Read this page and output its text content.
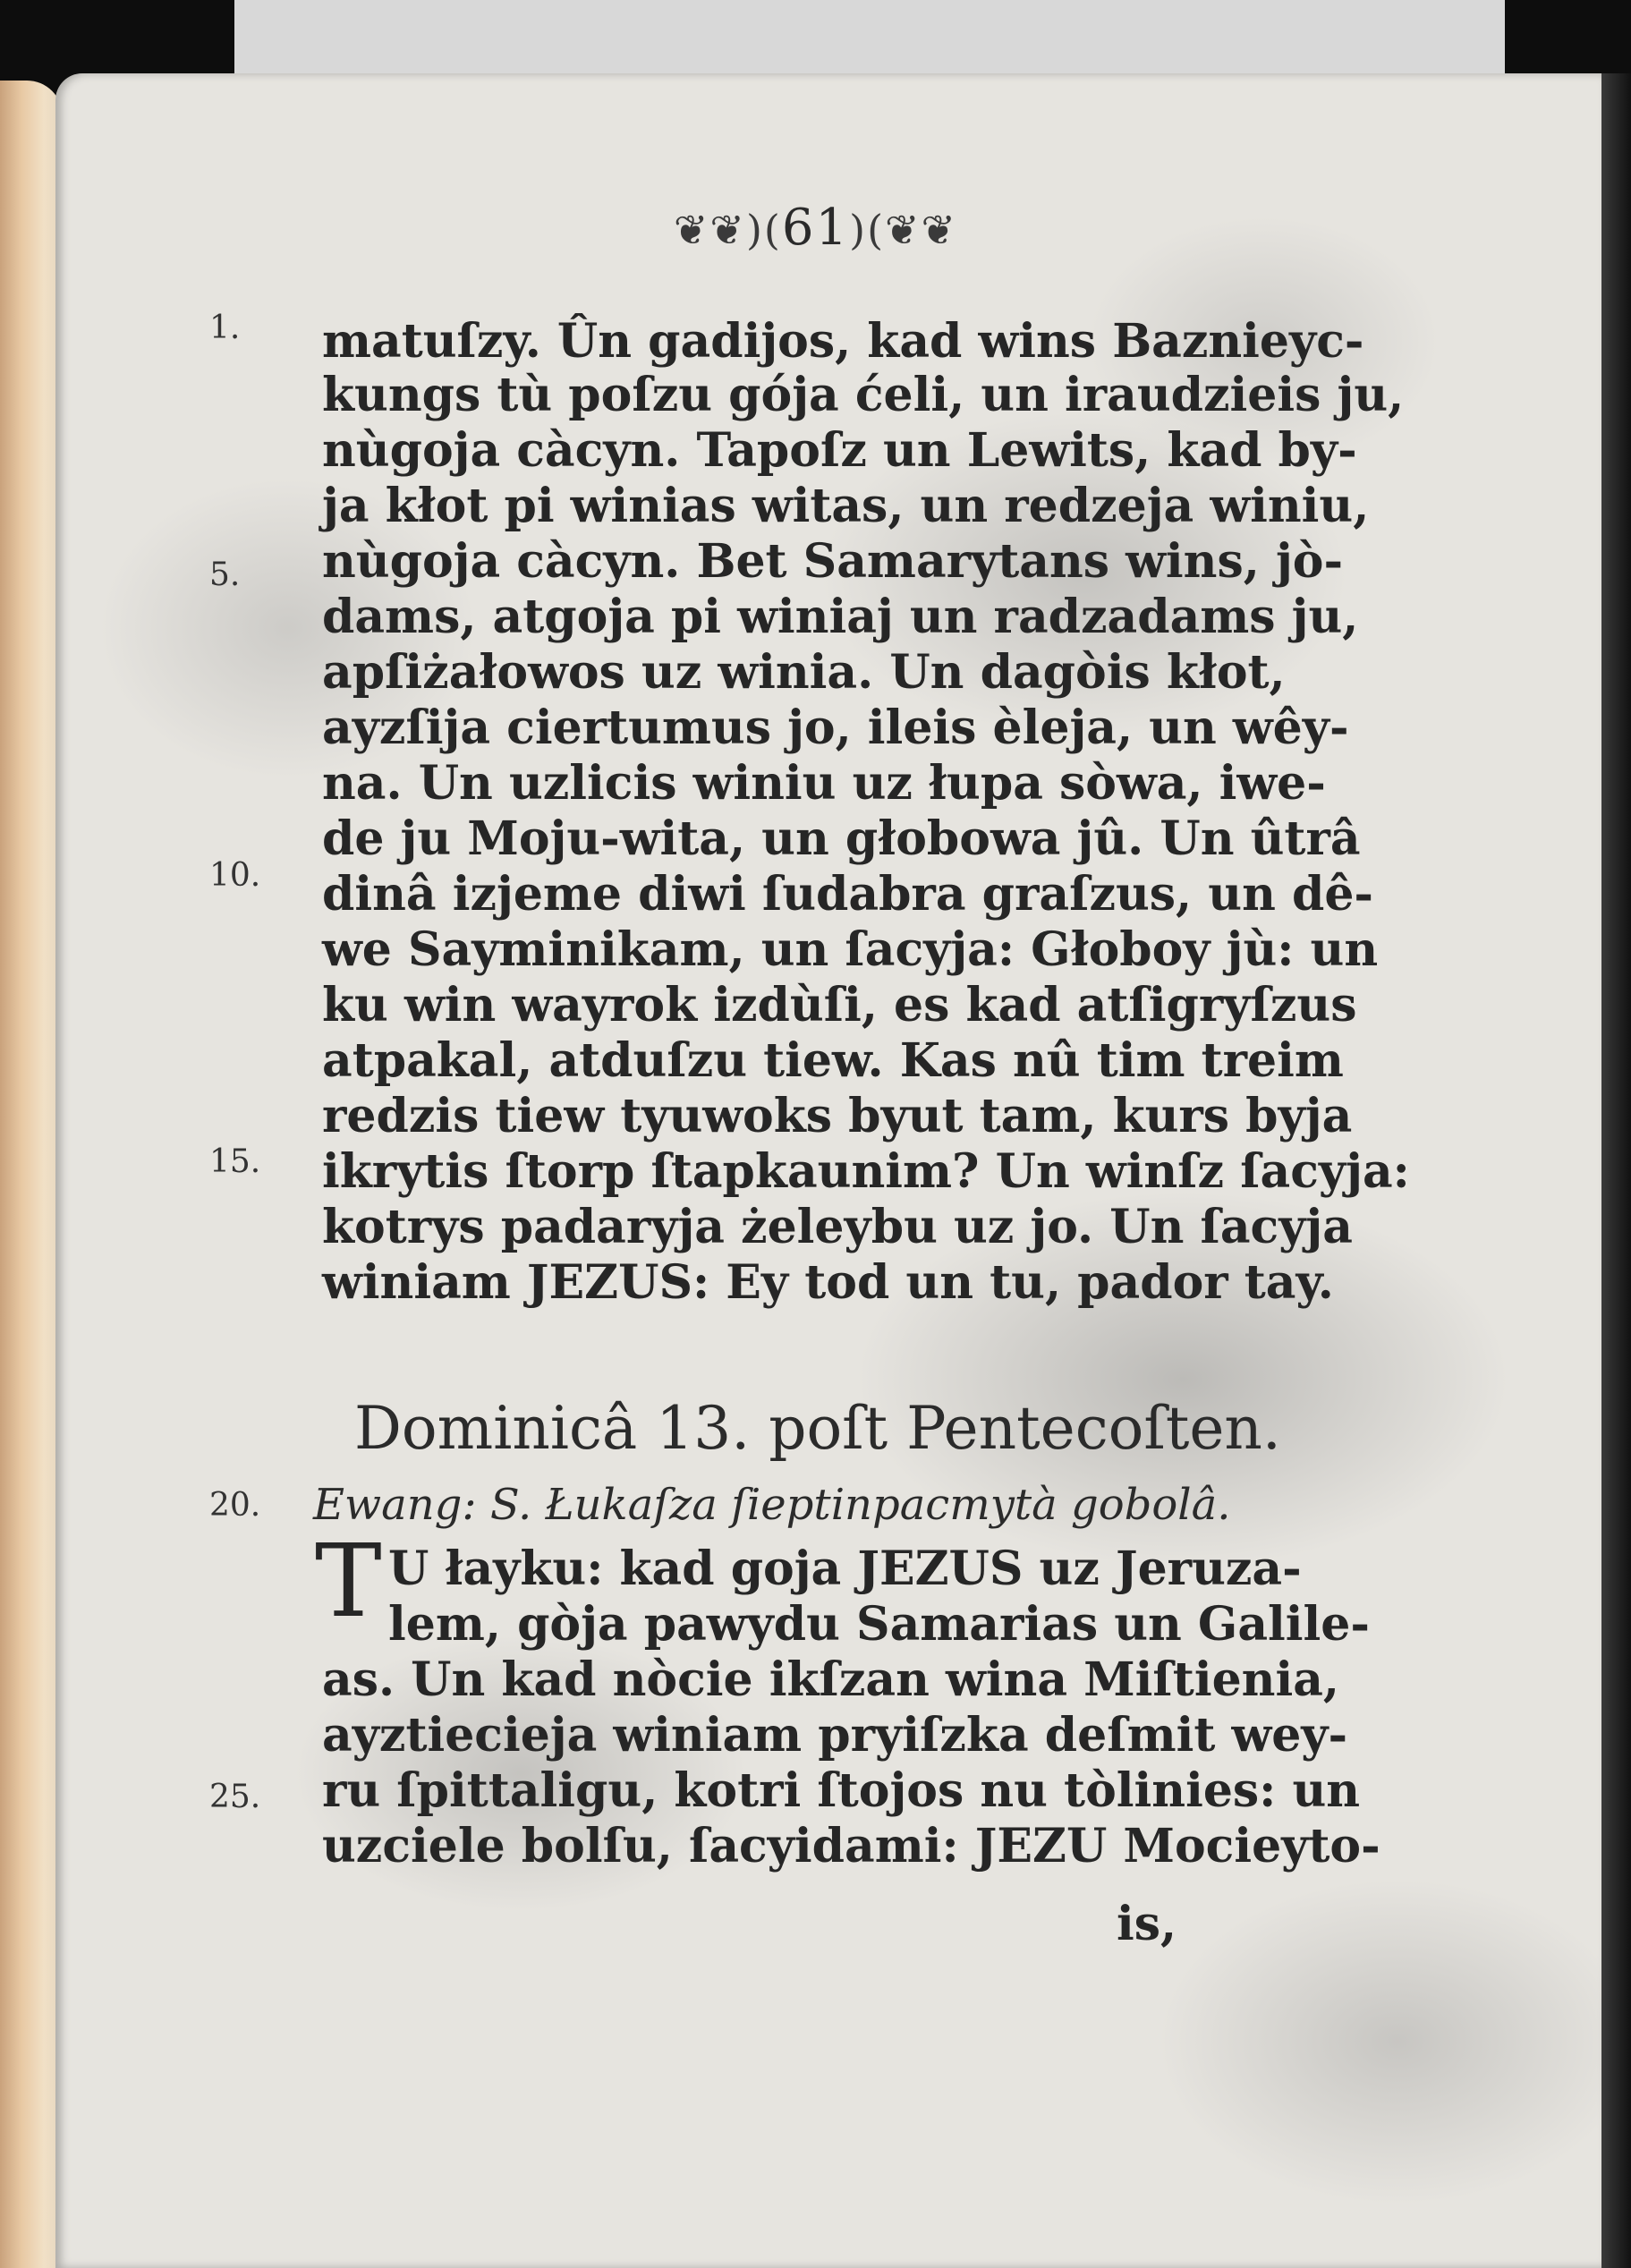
❦❦)(61)(❦❦
1.
5.
10.
15.
20.
25.
matuſzy. Ûn gadijos, kad wins Baznieyc-
kungs tù poſzu gója ćeli, un iraudzieis ju,
nùgoja càcyn. Tapoſz un Lewits, kad by-
ja kłot pi winias witas, un redzeja winiu,
nùgoja càcyn. Bet Samarytans wins, jò-
dams, atgoja pi winiaj un radzadams ju,
apſiżałowos uz winia. Un dagòis kłot,
ayzſija ciertumus jo, ileis èleja, un wêy-
na. Un uzlicis winiu uz łupa sòwa, iwe-
de ju Moju-wita, un głobowa jû. Un ûtrâ
dinâ izjeme diwi ſudabra graſzus, un dê-
we Sayminikam, un ſacyja: Głoboy jù: un
ku win wayrok izdùſi, es kad atſigryſzus
atpakal, atduſzu tiew. Kas nû tim treim
redzis tiew tyuwoks byut tam, kurs byja
ikrytis ſtorp ſtapkaunim? Un winſz ſacyja:
kotrys padaryja żeleybu uz jo. Un ſacyja
winiam JEZUS: Ey tod un tu, pador tay.
Dominicâ 13. poſt Pentecoſten.
Ewang: S. Łukaſza ſieptinpacmytà gobolâ.
T U łayku: kad goja JEZUS uz Jeruza-
lem, gòja pawydu Samarias un Galile-
as. Un kad nòcie ikſzan wina Miſtienia,
ayztiecieja winiam pryiſzka deſmit wey-
ru ſpittaligu, kotri ſtojos nu tòlinies: un
uzciele bolſu, ſacyidami: JEZU Mocieyto-
is,
